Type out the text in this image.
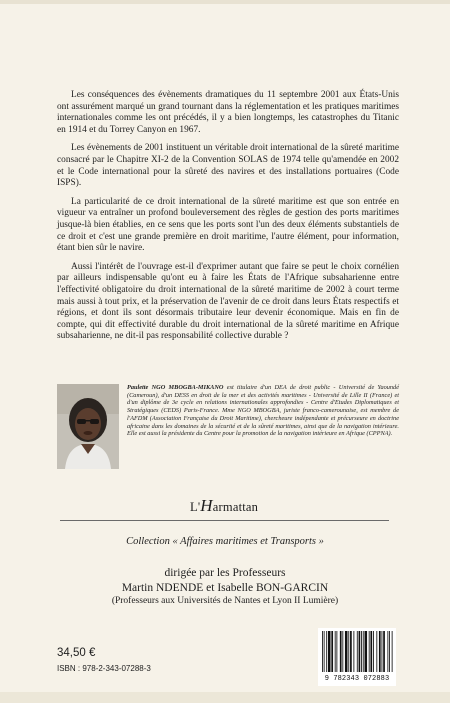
Les conséquences des évènements dramatiques du 11 septembre 2001 aux États-Unis ont assurément marqué un grand tournant dans la réglementation et les pratiques maritimes internationales comme les ont précédés, il y a bien longtemps, les catastrophes du Titanic en 1914 et du Torrey Canyon en 1967.

Les évènements de 2001 instituent un véritable droit international de la sûreté maritime consacré par le Chapitre XI-2 de la Convention SOLAS de 1974 telle qu'amendée en 2002 et le Code international pour la sûreté des navires et des installations portuaires (Code ISPS).

La particularité de ce droit international de la sûreté maritime est que son entrée en vigueur va entraîner un profond bouleversement des règles de gestion des ports maritimes jusque-là bien établies, en ce sens que les ports sont l'un des deux éléments substantiels de ce droit et c'est une grande première en droit maritime, l'autre élément, pour information, étant bien sûr le navire.

Aussi l'intérêt de l'ouvrage est-il d'exprimer autant que faire se peut le choix cornélien par ailleurs indispensable qu'ont eu à faire les États de l'Afrique subsaharienne entre l'effectivité obligatoire du droit international de la sûreté maritime de 2002 à court terme mais aussi à tout prix, et la préservation de l'avenir de ce droit dans leurs États respectifs et régions, et dont ils sont désormais tributaire leur devenir économique. Mais en fin de compte, qui dit effectivité durable du droit international de la sûreté maritime en Afrique subsaharienne, ne dit-il pas responsabilité collective durable ?

Paulette NGO MBOGBA-MIKANO est titulaire d'un DEA de droit public - Université de Yaoundé (Cameroun), d'un DESS en droit de la mer et des activités maritimes - Université de Lille II (France) et d'un diplôme de 3e cycle en relations internationales approfondies - Centre d'Etudes Diplomatiques et Stratégiques (CEDS) Paris-France. Mme NGO MBOGBA, juriste franco-camerounaise, est membre de l'AFDM (Association Française du Droit Maritime), chercheure indépendante et précurseure en doctrine africaine dans les domaines de la sécurité et de la sûreté maritimes, ainsi que de la navigation intérieure. Elle est aussi la présidente du Centre pour la promotion de la navigation intérieure en Afrique (CPPNA).
L'Harmattan
Collection « Affaires maritimes et Transports »
dirigée par les Professeurs
Martin NDENDE et Isabelle BON-GARCIN
(Professeurs aux Universités de Nantes et Lyon II Lumière)
34,50 €
ISBN : 978-2-343-07288-3
9 782343 072883
